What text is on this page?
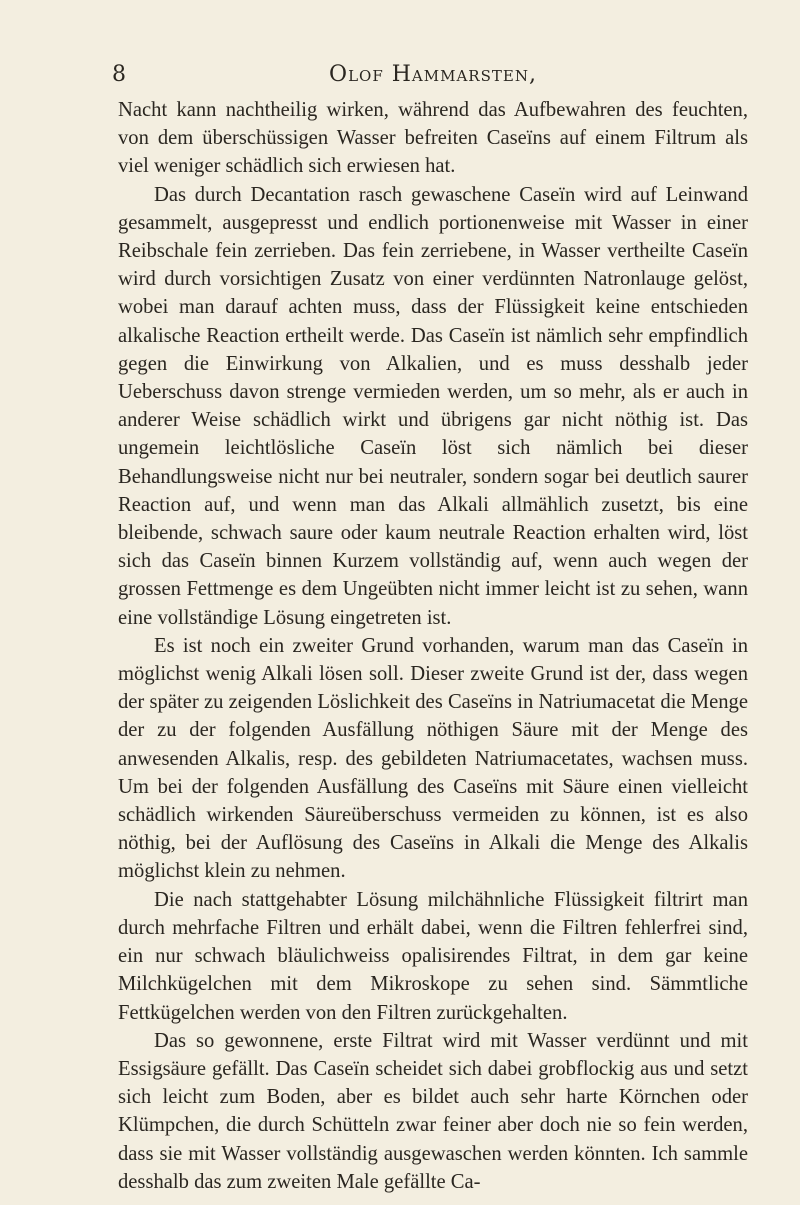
8	Olof Hammarsten,

Nacht kann nachtheilig wirken, während das Aufbewahren des feuchten, von dem überschüssigen Wasser befreiten Caseïns auf einem Filtrum als viel weniger schädlich sich erwiesen hat.

Das durch Decantation rasch gewaschene Caseïn wird auf Leinwand gesammelt, ausgepresst und endlich portionenweise mit Wasser in einer Reibschale fein zerrieben. Das fein zerriebene, in Wasser vertheilte Caseïn wird durch vorsichtigen Zusatz von einer verdünnten Natronlauge gelöst, wobei man darauf achten muss, dass der Flüssigkeit keine entschieden alkalische Reaction ertheilt werde. Das Caseïn ist nämlich sehr empfindlich gegen die Einwirkung von Alkalien, und es muss desshalb jeder Ueberschuss davon strenge vermieden werden, um so mehr, als er auch in anderer Weise schädlich wirkt und übrigens gar nicht nöthig ist. Das ungemein leichtlösliche Caseïn löst sich nämlich bei dieser Behandlungsweise nicht nur bei neutraler, sondern sogar bei deutlich saurer Reaction auf, und wenn man das Alkali allmählich zusetzt, bis eine bleibende, schwach saure oder kaum neutrale Reaction erhalten wird, löst sich das Caseïn binnen Kurzem vollständig auf, wenn auch wegen der grossen Fettmenge es dem Ungeübten nicht immer leicht ist zu sehen, wann eine vollständige Lösung eingetreten ist.

Es ist noch ein zweiter Grund vorhanden, warum man das Caseïn in möglichst wenig Alkali lösen soll. Dieser zweite Grund ist der, dass wegen der später zu zeigenden Löslichkeit des Caseïns in Natriumacetat die Menge der zu der folgenden Ausfällung nöthigen Säure mit der Menge des anwesenden Alkalis, resp. des gebildeten Natriumacetates, wachsen muss. Um bei der folgenden Ausfällung des Caseïns mit Säure einen vielleicht schädlich wirkenden Säureüberschuss vermeiden zu können, ist es also nöthig, bei der Auflösung des Caseïns in Alkali die Menge des Alkalis möglichst klein zu nehmen.

Die nach stattgehabter Lösung milchähnliche Flüssigkeit filtrirt man durch mehrfache Filtren und erhält dabei, wenn die Filtren fehlerfrei sind, ein nur schwach bläulichweiss opalisirendes Filtrat, in dem gar keine Milchkügelchen mit dem Mikroskope zu sehen sind. Sämmtliche Fettkügelchen werden von den Filtren zurückgehalten.

Das so gewonnene, erste Filtrat wird mit Wasser verdünnt und mit Essigsäure gefällt. Das Caseïn scheidet sich dabei grobflockig aus und setzt sich leicht zum Boden, aber es bildet auch sehr harte Körnchen oder Klümpchen, die durch Schütteln zwar feiner aber doch nie so fein werden, dass sie mit Wasser vollständig ausgewaschen werden könnten. Ich sammle desshalb das zum zweiten Male gefällte Ca-
